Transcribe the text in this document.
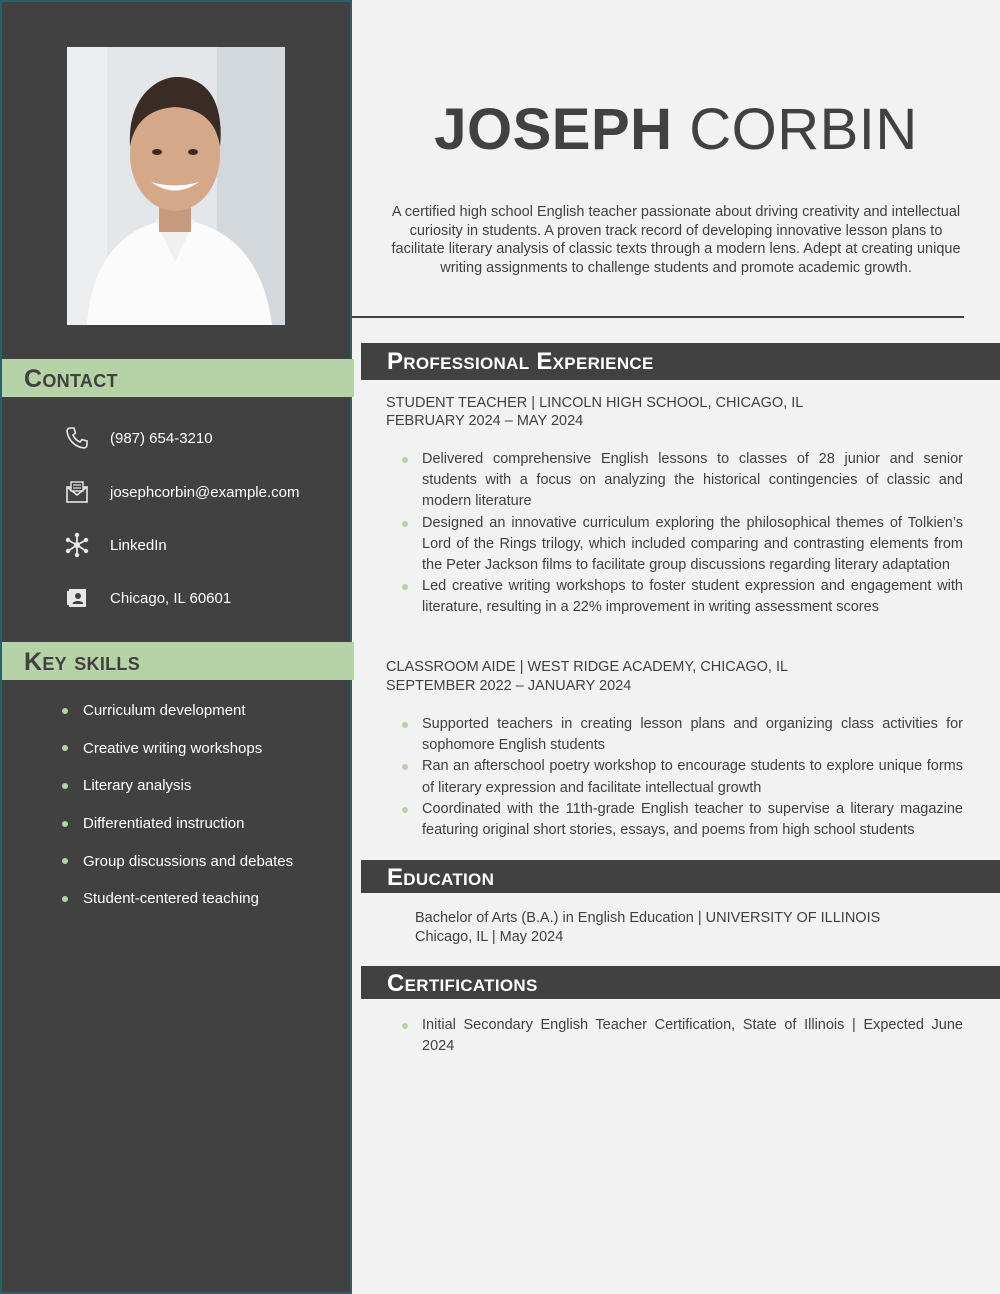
Contact
(987) 654-3210
josephcorbin@example.com
LinkedIn
Chicago, IL 60601
Key skills
Curriculum development
Creative writing workshops
Literary analysis
Differentiated instruction
Group discussions and debates
Student-centered teaching
JOSEPH CORBIN

A certified high school English teacher passionate about driving creativity and intellectual curiosity in students. A proven track record of developing innovative lesson plans to facilitate literary analysis of classic texts through a modern lens. Adept at creating unique writing assignments to challenge students and promote academic growth.

Professional Experience
STUDENT TEACHER | LINCOLN HIGH SCHOOL, CHICAGO, IL
FEBRUARY 2024 – MAY 2024
Delivered comprehensive English lessons to classes of 28 junior and senior students with a focus on analyzing the historical contingencies of classic and modern literature
Designed an innovative curriculum exploring the philosophical themes of Tolkien’s Lord of the Rings trilogy, which included comparing and contrasting elements from the Peter Jackson films to facilitate group discussions regarding literary adaptation
Led creative writing workshops to foster student expression and engagement with literature, resulting in a 22% improvement in writing assessment scores
CLASSROOM AIDE | WEST RIDGE ACADEMY, CHICAGO, IL
SEPTEMBER 2022 – JANUARY 2024
Supported teachers in creating lesson plans and organizing class activities for sophomore English students
Ran an afterschool poetry workshop to encourage students to explore unique forms of literary expression and facilitate intellectual growth
Coordinated with the 11th-grade English teacher to supervise a literary magazine featuring original short stories, essays, and poems from high school students
Education
Bachelor of Arts (B.A.) in English Education | UNIVERSITY OF ILLINOIS
Chicago, IL | May 2024
Certifications
Initial Secondary English Teacher Certification, State of Illinois | Expected June 2024
